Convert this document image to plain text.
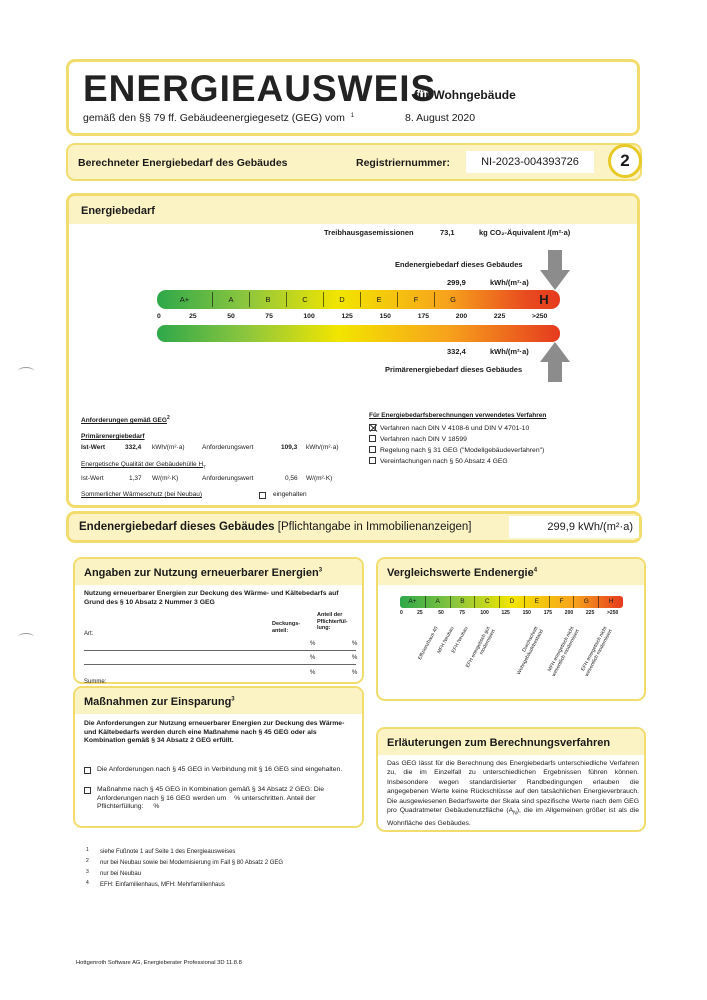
ENERGIEAUSWEIS
für Wohngebäude
gemäß den §§ 79 ff. Gebäudeenergiegesetz (GEG) vom $^1$	8. August 2020
Berechneter Energiebedarf des Gebäudes	Registriernummer:	NI-2023-004393726	2
Energiebedarf
Treibhausgasemissionen	73,1	kg CO₂-Äquivalent /(m²·a)
Endenergiebedarf dieses Gebäudes
299,9	kWh/(m²·a)
A+	A	B	C	D	E	F	G	H
0	25	50	75	100	125	150	175	200	225	>250
332,4	kWh/(m²·a)
Primärenergiebedarf dieses Gebäudes
Anforderungen gemäß GEG$^2$
Primärenergiebedarf
Ist-Wert	332,4 kWh/(m²·a)	Anforderungswert	109,3 kWh/(m²·a)
Energetische Qualität der Gebäudehülle $H_T$
Ist-Wert	1,37 W/(m²·K)	Anforderungswert	0,56 W/(m²·K)
Sommerlicher Wärmeschutz (bei Neubau)	eingehalten
Für Energiebedarfsberechnungen verwendetes Verfahren
Verfahren nach DIN V 4108-6 und DIN V 4701-10
Verfahren nach DIN V 18599
Regelung nach § 31 GEG ("Modellgebäudeverfahren")
Vereinfachungen nach § 50 Absatz 4 GEG
Endenergiebedarf dieses Gebäudes [Pflichtangabe in Immobilienanzeigen]	299,9 kWh/(m²·a)
Angaben zur Nutzung erneuerbarer Energien$^3$
Nutzung erneuerbarer Energien zur Deckung des Wärme- und Kältebedarfs auf Grund des § 10 Absatz 2 Nummer 3 GEG
Art:
Deckungs-anteil:
Anteil der Pflichterfül-lung:
%	%
%	%
Summe:
%	%
Maßnahmen zur Einsparung$^3$
Die Anforderungen zur Nutzung erneuerbarer Energien zur Deckung des Wärme- und Kältebedarfs werden durch eine Maßnahme nach § 45 GEG oder als Kombination gemäß § 34 Absatz 2 GEG erfüllt.
Die Anforderungen nach § 45 GEG in Verbindung mit § 16 GEG sind eingehalten.
Maßnahme nach § 45 GEG in Kombination gemäß § 34 Absatz 2 GEG: Die Anforderungen nach § 16 GEG werden um % unterschritten. Anteil der Pflichterfüllung: %
Vergleichswerte Endenergie$^4$
A+	A	B	C	D	E	F	G	H
0	25	50	75	100	125	150	175	200	225	>250
Effizienzhaus 40
MFH Neubau
EFH Neubau
EFH energetisch gut modernisiert	Durchschnitt Wohngebäudebestand MFH energetisch nicht wesentlich modernisiert EFH energetisch nicht wesentlich modernisiert
Erläuterungen zum Berechnungsverfahren
Das GEG lässt für die Berechnung des Energiebedarfs unterschiedliche Verfahren zu, die im Einzelfall zu unterschiedlichen Ergebnissen führen können. Insbesondere wegen standardisierter Randbedingungen erlauben die angegebenen Werte keine Rückschlüsse auf den tatsächlichen Energieverbrauch. Die ausgewiesenen Bedarfswerte der Skala sind spezifische Werte nach dem GEG pro Quadratmeter Gebäudenutzfläche $(A_N)$, die im Allgemeinen größer ist als die Wohnfläche des Gebäudes.
1 siehe Fußnote 1 auf Seite 1 des Energieausweises
2 nur bei Neubau sowie bei Modernisierung im Fall § 80 Absatz 2 GEG
3 nur bei Neubau
4 EFH: Einfamilienhaus, MFH: Mehrfamilienhaus
Hottgenroth Software AG, Energieberater Professional 3D 11.8.8
